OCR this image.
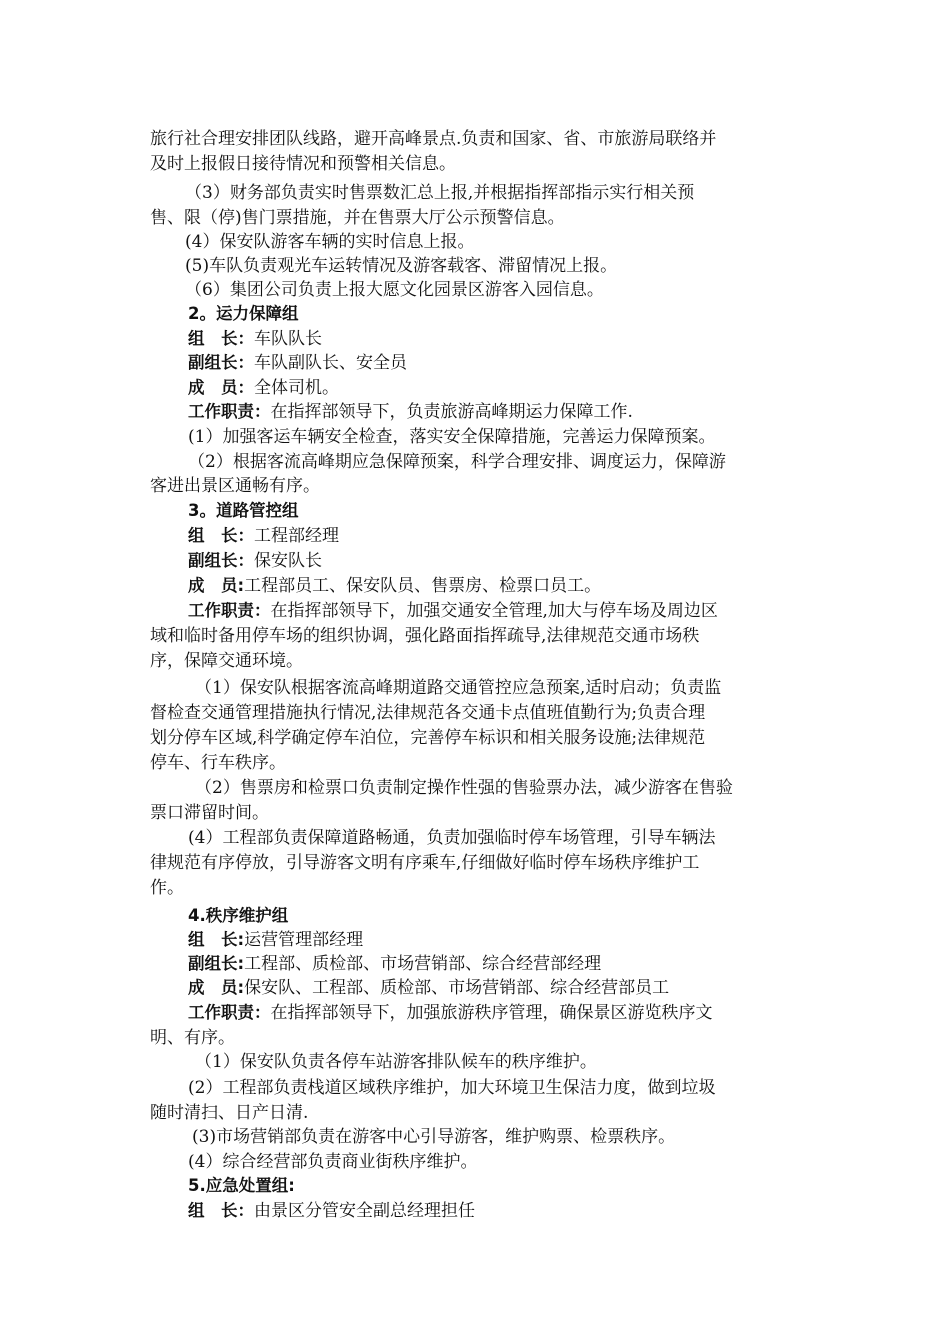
旅行社合理安排团队线路，避开高峰景点.负责和国家、省、市旅游局联络并
及时上报假日接待情况和预警相关信息。
（3）财务部负责实时售票数汇总上报,并根据指挥部指示实行相关预
售、限（停)售门票措施，并在售票大厅公示预警信息。
(4）保安队游客车辆的实时信息上报。
(5)车队负责观光车运转情况及游客载客、滞留情况上报。
（6）集团公司负责上报大愿文化园景区游客入园信息。
2。运力保障组
组　长：车队队长
副组长：车队副队长、安全员
成　员：全体司机。
工作职责：在指挥部领导下，负责旅游高峰期运力保障工作.
(1）加强客运车辆安全检查，落实安全保障措施，完善运力保障预案。
（2）根据客流高峰期应急保障预案，科学合理安排、调度运力，保障游
客进出景区通畅有序。
3。道路管控组
组　长：工程部经理
副组长：保安队长
成　员:工程部员工、保安队员、售票房、检票口员工。
工作职责：在指挥部领导下，加强交通安全管理,加大与停车场及周边区
域和临时备用停车场的组织协调，强化路面指挥疏导,法律规范交通市场秩
序，保障交通环境。
（1）保安队根据客流高峰期道路交通管控应急预案,适时启动；负责监
督检查交通管理措施执行情况,法律规范各交通卡点值班值勤行为;负责合理
划分停车区域,科学确定停车泊位，完善停车标识和相关服务设施;法律规范
停车、行车秩序。
（2）售票房和检票口负责制定操作性强的售验票办法，减少游客在售验
票口滞留时间。
(4）工程部负责保障道路畅通，负责加强临时停车场管理，引导车辆法
律规范有序停放，引导游客文明有序乘车,仔细做好临时停车场秩序维护工
作。
4.秩序维护组
组　长:运营管理部经理
副组长:工程部、质检部、市场营销部、综合经营部经理
成　员:保安队、工程部、质检部、市场营销部、综合经营部员工
工作职责：在指挥部领导下，加强旅游秩序管理，确保景区游览秩序文
明、有序。
（1）保安队负责各停车站游客排队候车的秩序维护。
(2）工程部负责栈道区域秩序维护，加大环境卫生保洁力度，做到垃圾
随时清扫、日产日清.
(3)市场营销部负责在游客中心引导游客，维护购票、检票秩序。
(4）综合经营部负责商业街秩序维护。
5.应急处置组:
组　长：由景区分管安全副总经理担任
